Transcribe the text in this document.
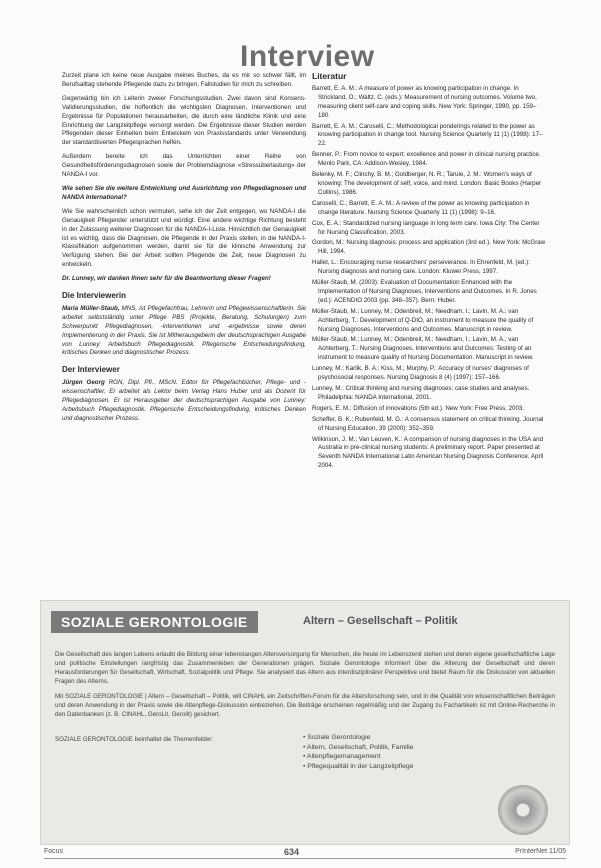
Interview

Zurzeit plane ich keine neue Ausgabe meines Buches, da es mir so schwer fällt, im Berufsalltag stehende Pflegende dazu zu bringen, Fallstudien für mich zu schreiben.

Gegenwärtig bin ich Leiterin zweier Forschungsstudien. Zwei davon sind Konsens-Validierungsstudien, die hoffentlich die wichtigsten Diagnosen, Interventionen und Ergebnisse für Populationen herausarbeiten, die durch eine ländliche Klinik und eine Einrichtung der Langzeitpflege versorgt werden. Die Ergebnisse dieser Studien werden Pflegenden dieser Einheiten beim Entwickeln von Praxisstandards unter Verwendung der standardisierten Pflegesprachen helfen.

Außerdem bereite ich das Unterrichten einer Reihe von Gesundheitsförderungsdiagnosen sowie der Problemdiagnose «Stressüberlastung» der NANDA-I vor.

Wie sehen Sie die weitere Entwicklung und Ausrichtung von Pflegediagnosen und NANDA International?

Wie Sie wahrscheinlich schon vermuten, sehe ich der Zeit entgegen, wo NANDA-I die Genauigkeit Pflegender unterstützt und würdigt. Eine andere wichtige Richtung besteht in der Zulassung weiterer Diagnosen für die NANDA-I-Liste. Hinsichtlich der Genauigkeit ist es wichtig, dass die Diagnosen, die Pflegende in der Praxis stellen, in die NANDA-I-Klassifikation aufgenommen werden, damit sie für die klinische Anwendung zur Verfügung stehen. Bei der Arbeit sollten Pflegende die Zeit, neue Diagnosen zu entwickeln.

Dr. Lunney, wir danken Ihnen sehr für die Beantwortung dieser Fragen!

Die Interviewerin

Maria Müller-Staub, MNS, ist Pflegefachfrau, Lehrerin und Pflegewissenschaftlerin. Sie arbeitet selbstständig unter Pflege PBS (Projekte, Beratung, Schulungen) zum Schwerpunkt Pflegediagnosen, -interventionen und -ergebnisse sowie deren Implementierung in der Praxis. Sie ist Mitherausgeberin der deutschsprachigen Ausgabe von Lunney: Arbeitsbuch Pflegediagnostik. Pflegerische Entscheidungsfindung, kritisches Denken und diagnostischer Prozess.

Der Interviewer

Jürgen Georg RGN, Dipl. Pfl., MScN. Editor für Pflegefachbücher, Pflege- und -wissenschaftler. Er arbeitet als Lektor beim Verlag Hans Huber und als Dozent für Pflegediagnosen. Er ist Herausgeber der deutschsprachigen Ausgabe von Lunney: Arbeitsbuch Pflegediagnostik. Pflegerische Entscheidungsfindung, kritisches Denken und diagnostischer Prozess.

Literatur

Barrett, E. A. M.: A measure of power as knowing participation in change. In Strickland, O.; Waltz, C. (eds.): Measurement of nursing outcomes. Volume two, measuring client self-care and coping skills. New York: Springer, 1990, pp. 159–180.

Barrett, E. A. M.; Caroselli, C.: Methodological ponderings related to the power as knowing participation in change tool. Nursing Science Quarterly 11 (1) (1998): 17–22.

Benner, P.: From novice to expert: excellence and power in clinical nursing practice. Menlo Park, CA: Addison-Wesley, 1984.

Belenky, M. F.; Clinchy, B. M.; Goldberger, N. R.; Tarule, J. M.: Women's ways of knowing: The development of self, voice, and mind. London: Basic Books (Harper Collins), 1986.

Caroselli, C.; Barrett, E. A. M.: A review of the power as knowing participation in change literature. Nursing Science Quarterly 11 (1) (1998): 9–16.

Cox, E. A.: Standardized nursing language in long term care. Iowa City: The Center for Nursing Classification, 2003.

Gordon, M.: Nursing diagnosis: process and application (3rd ed.). New York: McGraw Hill, 1994.

Hallet, L.: Encouraging nurse researchers' perseverance. In Ehrenfeld, M. (ed.): Nursing diagnosis and nursing care. London: Kluwer Press, 1997.

Müller-Staub, M. (2003): Evaluation of Documentation Enhanced with the Implementation of Nursing Diagnoses, Interventions and Outcomes. In R. Jones (ed.): ACENDIO 2003 (pp. 348–357). Bern: Huber.

Müller-Staub, M.; Lunney, M.; Odenbreit, M.; Needham, I.; Lavin, M. A.; van Achterberg, T.: Development of Q-DIO, an instrument to measure the quality of Nursing Diagnoses, Interventions and Outcomes. Manuscript in review.

Müller-Staub, M.; Lunney, M.; Odenbreit, M.; Needham, I.; Lavin, M. A.; van Achterberg, T.: Nursing Diagnoses, Interventions and Outcomes: Testing of an instrument to measure quality of Nursing Documentation. Manuscript in review.

Lunney, M.; Karlik, B. A.; Kiss, M.; Murphy, P.: Accuracy of nurses' diagnoses of psychosocial responses. Nursing Diagnosis 8 (4) (1997): 157–166.

Lunney, M.: Critical thinking and nursing diagnoses: case studies and analyses. Philadelphia: NANDA International, 2001.

Rogers, E. M.: Diffusion of innovations (5th ed.). New York: Free Press, 2003.

Scheffer, B. K.; Rubenfeld, M. G.: A consensus statement on critical thinking. Journal of Nursing Education, 39 (2000): 352–359.

Wilkinson, J. M.; Van Leuven, K.: A comparison of nursing diagnoses in the USA and Australia in pre-clinical nursing students: A preliminary report. Paper presented at Seventh NANDA International Latin American Nursing Diagnosis Conference. April 2004.

SOZIALE GERONTOLOGIE	Altern – Gesellschaft – Politik

Die Gesellschaft des langen Lebens erlaubt die Bildung einer lebenslangen Altersversorgung für Menschen, die heute im Lebenszenit stehen und deren eigene gesellschaftliche Lage und politische Einstellungen langfristig das Zusammenleben der Generationen prägen. Soziale Gerontologie informiert über die Alterung der Gesellschaft und deren Herausforderungen für Gesellschaft, Wirtschaft, Sozialpolitik und Pflege. Sie analysiert das Altern aus interdisziplinärer Perspektive und bietet Raum für die Diskussion von aktuellen Fragen des Alterns.

Mit SOZIALE GERONTOLOGIE | Altern – Gesellschaft – Politik, will CINAHL ein Zeitschriften-Forum für die Altersforschung sein, und in die Qualität von wissenschaftlichen Beiträgen und deren Anwendung in der Praxis sowie die Altenpflege-Diskussion einbeziehen. Die Beiträge erscheinen regelmäßig und der Zugang zu Fachartikeln ist mit Online-Recherche in den Datenbanken (z. B. CINAHL, GeroLit, Gerolit) gesichert.

SOZIALE GERONTOLOGIE beinhaltet die Themenfelder:
•	Soziale Gerontologie
• Altern, Gesellschaft, Politik, Familie
• Altenpflegemanagement
• Pflegequalität in der Langzeitpflege
Focus	634	PrInterNet 11/05
